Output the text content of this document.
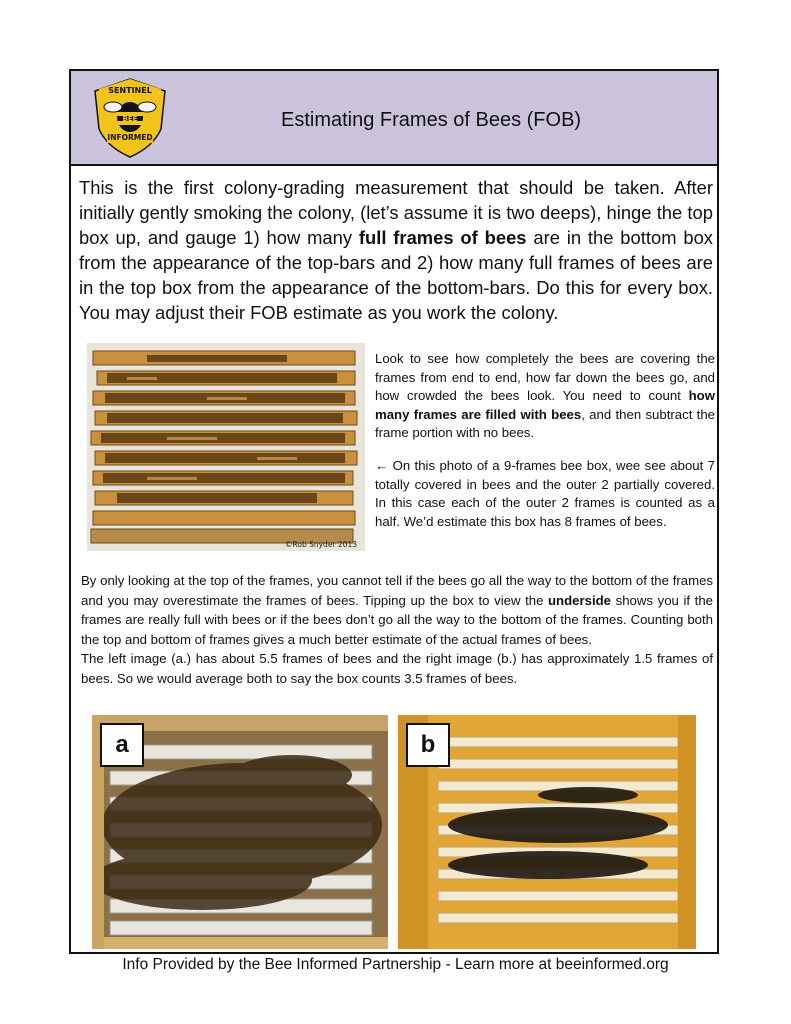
SENTINEL
INFORMED
BEE	Estimating Frames of Bees (FOB)
This is the first colony-grading measurement that should be taken. After initially gently smoking the colony, (let’s assume it is two deeps), hinge the top box up, and gauge 1) how many full frames of bees are in the bottom box from the appearance of the top-bars and 2) how many full frames of bees are in the top box from the appearance of the bottom-bars. Do this for every box. You may adjust their FOB estimate as you work the colony.
©Rob Snyder 2013

Look to see how completely the bees are covering the frames from end to end, how far down the bees go, and how crowded the bees look. You need to count how many frames are filled with bees, and then subtract the frame portion with no bees.

← On this photo of a 9-frames bee box, wee see about 7 totally covered in bees and the outer 2 partially covered. In this case each of the outer 2 frames is counted as a half. We’d estimate this box has 8 frames of bees.

By only looking at the top of the frames, you cannot tell if the bees go all the way to the bottom of the frames and you may overestimate the frames of bees. Tipping up the box to view the underside shows you if the frames are really full with bees or if the bees don’t go all the way to the bottom of the frames. Counting both the top and bottom of frames gives a much better estimate of the actual frames of bees.

The left image (a.) has about 5.5 frames of bees and the right image (b.) has approximately 1.5 frames of bees. So we would average both to say the box counts 3.5 frames of bees.

a	b
Info Provided by the Bee Informed Partnership - Learn more at beeinformed.org
